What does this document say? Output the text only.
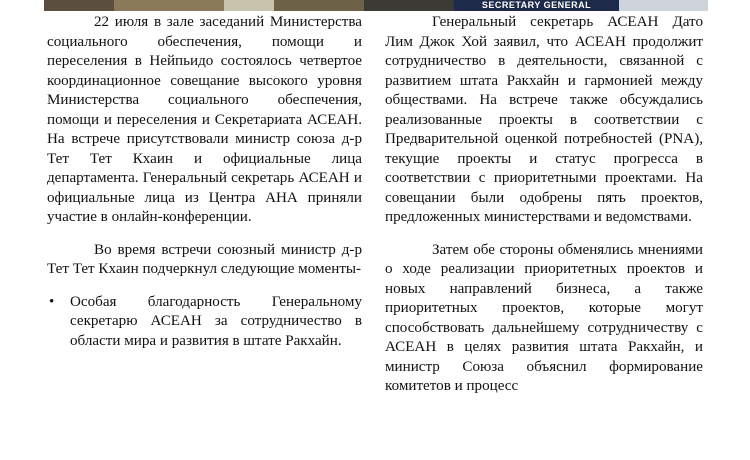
SECRETARY GENERAL

22 июля в зале заседаний Министерства социального обеспечения, помощи и переселения в Нейпьидо состоялось четвертое координационное совещание высокого уровня Министерства социального обеспечения, помощи и переселения и Секретариата АСЕАН. На встрече присутствовали министр союза д-р Тет Тет Кхаин и официальные лица департамента. Генеральный секретарь АСЕАН и официальные лица из Центра АНА приняли участие в онлайн-конференции.

Во время встречи союзный министр д-р Тет Тет Кхаин подчеркнул следующие моменты-

• Особая благодарность Генеральному секретарю АСЕАН за сотрудничество в области мира и развития в штате Ракхайн.

Генеральный секретарь АСЕАН Дато Лим Джок Хой заявил, что АСЕАН продолжит сотрудничество в деятельности, связанной с развитием штата Ракхайн и гармонией между обществами. На встрече также обсуждались реализованные проекты в соответствии с Предварительной оценкой потребностей (PNA), текущие проекты и статус прогресса в соответствии с приоритетными проектами. На совещании были одобрены пять проектов, предложенных министерствами и ведомствами.

Затем обе стороны обменялись мнениями о ходе реализации приоритетных проектов и новых направлений бизнеса, а также приоритетных проектов, которые могут способствовать дальнейшему сотрудничеству с АСЕАН в целях развития штата Ракхайн, и министр Союза объяснил формирование комитетов и процесс
